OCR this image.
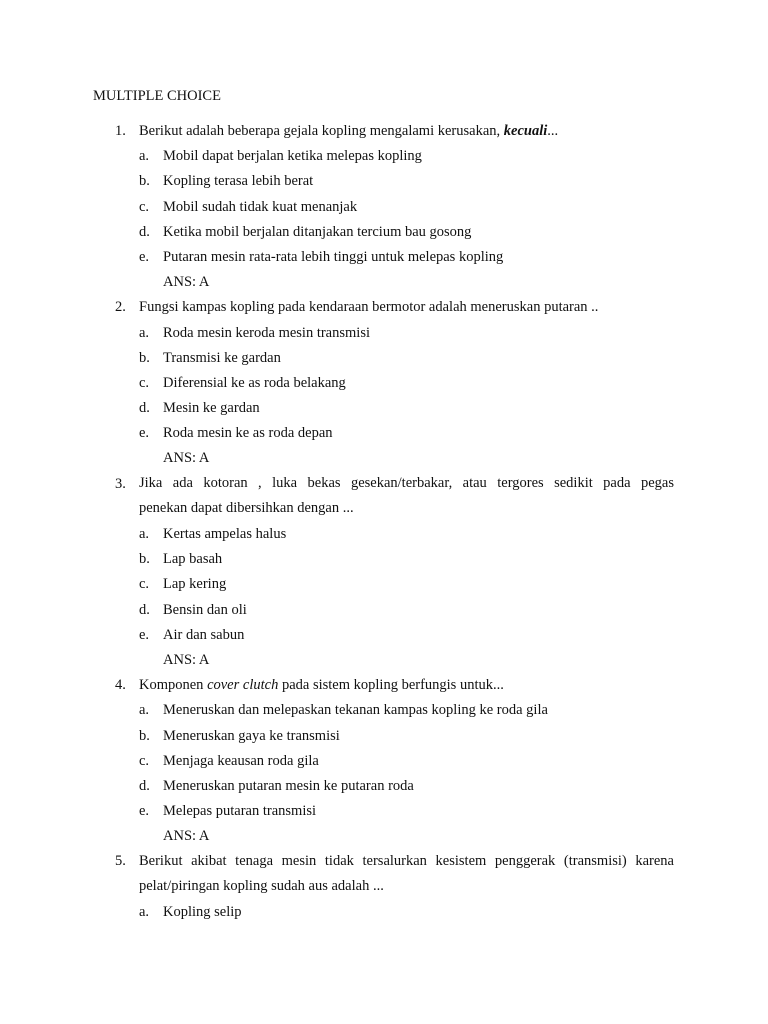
MULTIPLE CHOICE
1. Berikut adalah beberapa gejala kopling mengalami kerusakan, kecuali...
a. Mobil dapat berjalan ketika melepas kopling
b. Kopling terasa lebih berat
c. Mobil sudah tidak kuat menanjak
d. Ketika mobil berjalan ditanjakan tercium bau gosong
e. Putaran mesin rata-rata lebih tinggi untuk melepas kopling
ANS: A
2. Fungsi kampas kopling pada kendaraan bermotor adalah meneruskan putaran ..
a. Roda mesin keroda mesin transmisi
b. Transmisi ke gardan
c. Diferensial ke as roda belakang
d. Mesin ke gardan
e. Roda mesin ke as roda depan
ANS: A
3. Jika ada kotoran , luka bekas gesekan/terbakar, atau tergores sedikit pada pegas
penekan dapat dibersihkan dengan ...
a. Kertas ampelas halus
b. Lap basah
c. Lap kering
d. Bensin dan oli
e. Air dan sabun
ANS: A
4. Komponen cover clutch pada sistem kopling berfungis untuk...
a. Meneruskan dan melepaskan tekanan kampas kopling ke roda gila
b. Meneruskan gaya ke transmisi
c. Menjaga keausan roda gila
d. Meneruskan putaran mesin ke putaran roda
e. Melepas putaran transmisi
ANS: A
5. Berikut akibat tenaga mesin tidak tersalurkan kesistem penggerak (transmisi) karena
pelat/piringan kopling sudah aus adalah ...
a. Kopling selip
